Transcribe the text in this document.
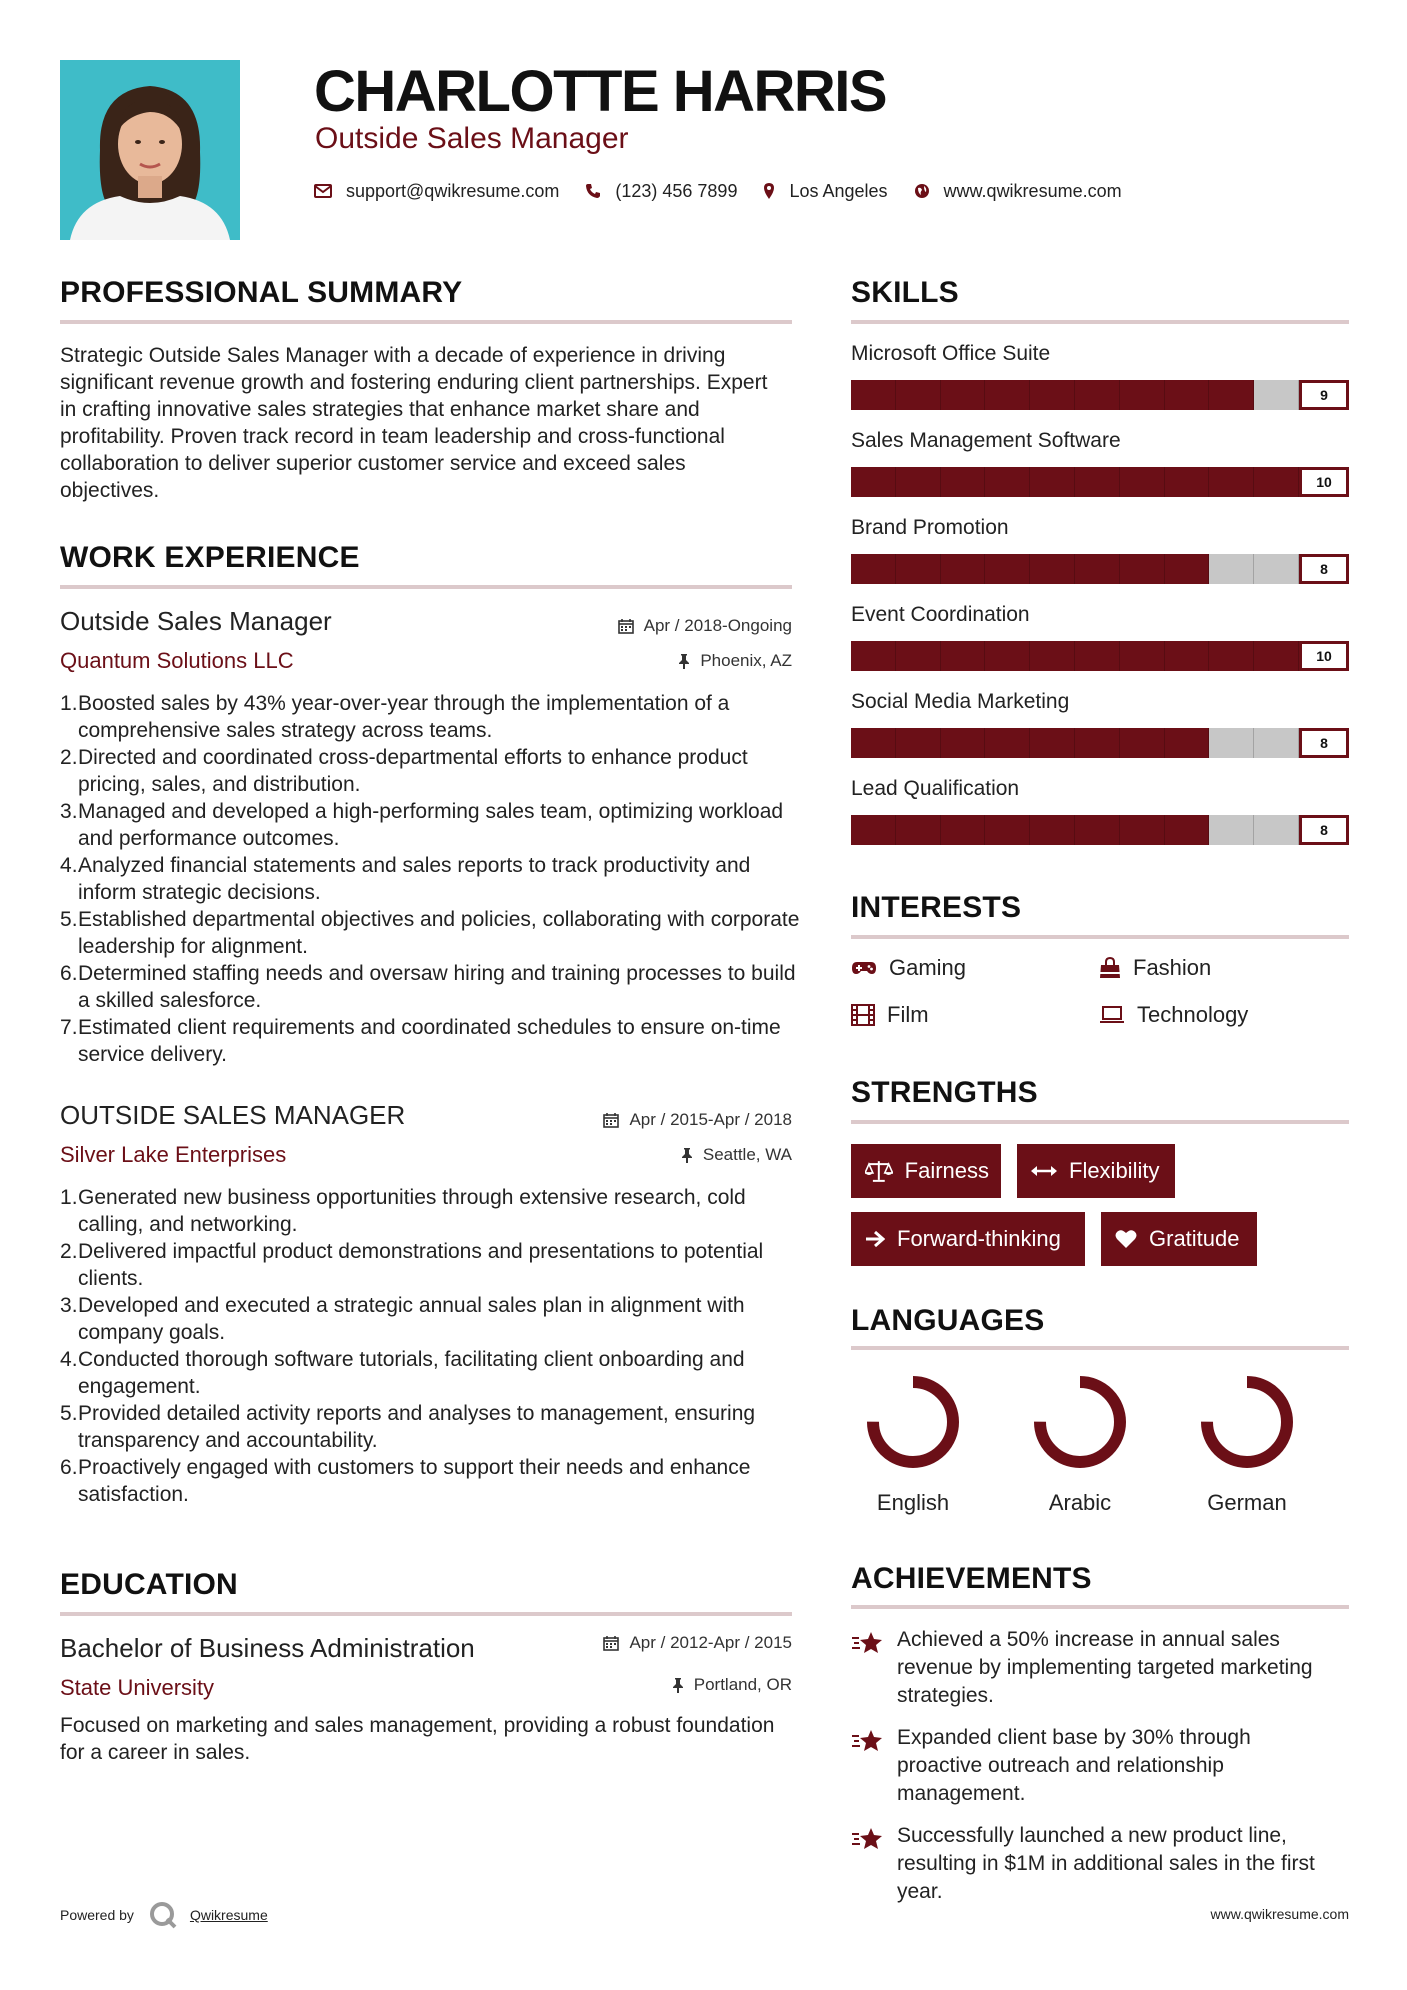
CHARLOTTE HARRIS
Outside Sales Manager
support@qwikresume.com	(123) 456 7899	Los Angeles	www.qwikresume.com
PROFESSIONAL SUMMARY
Strategic Outside Sales Manager with a decade of experience in driving significant revenue growth and fostering enduring client partnerships. Expert in crafting innovative sales strategies that enhance market share and profitability. Proven track record in team leadership and cross-functional collaboration to deliver superior customer service and exceed sales objectives.
WORK EXPERIENCE
Outside Sales Manager	Apr / 2018-Ongoing
Quantum Solutions LLC	Phoenix, AZ
Boosted sales by 43% year-over-year through the implementation of a comprehensive sales strategy across teams.
Directed and coordinated cross-departmental efforts to enhance product pricing, sales, and distribution.
Managed and developed a high-performing sales team, optimizing workload and performance outcomes.
Analyzed financial statements and sales reports to track productivity and inform strategic decisions.
Established departmental objectives and policies, collaborating with corporate leadership for alignment.
Determined staffing needs and oversaw hiring and training processes to build a skilled salesforce.
Estimated client requirements and coordinated schedules to ensure on-time service delivery.
OUTSIDE SALES MANAGER	Apr / 2015-Apr / 2018
Silver Lake Enterprises	Seattle, WA
Generated new business opportunities through extensive research, cold calling, and networking.
Delivered impactful product demonstrations and presentations to potential clients.
Developed and executed a strategic annual sales plan in alignment with company goals.
Conducted thorough software tutorials, facilitating client onboarding and engagement.
Provided detailed activity reports and analyses to management, ensuring transparency and accountability.
Proactively engaged with customers to support their needs and enhance satisfaction.
EDUCATION
Bachelor of Business Administration	Apr / 2012-Apr / 2015
State University	Portland, OR
Focused on marketing and sales management, providing a robust foundation for a career in sales.
SKILLS
Microsoft Office Suite
9
Sales Management Software
10
Brand Promotion
8
Event Coordination
10
Social Media Marketing
8
Lead Qualification
8
INTERESTS
Gaming	Fashion
Film	Technology
STRENGTHS
Fairness	Flexibility
Forward-thinking	Gratitude
LANGUAGES
English	Arabic	German
ACHIEVEMENTS
Achieved a 50% increase in annual sales revenue by implementing targeted marketing strategies.
Expanded client base by 30% through proactive outreach and relationship management.
Successfully launched a new product line, resulting in $1M in additional sales in the first year.
Powered by	Qwikresume	www.qwikresume.com
